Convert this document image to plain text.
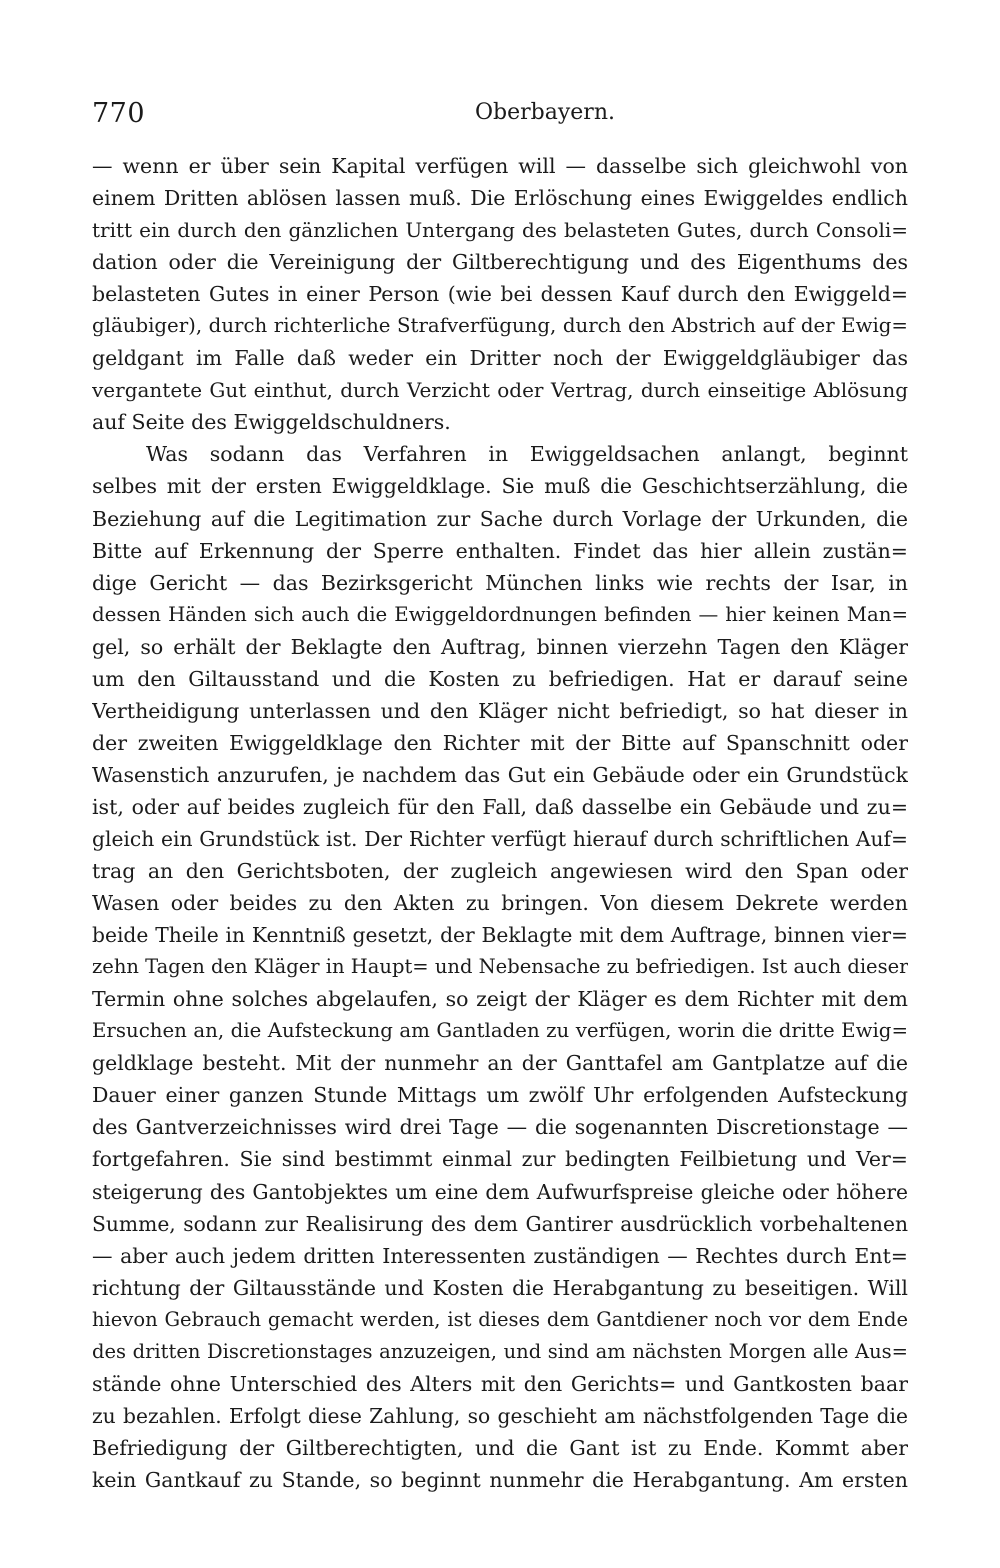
770	Oberbayern.
— wenn er über sein Kapital verfügen will — dasselbe sich gleichwohl von
einem Dritten ablösen lassen muß. Die Erlöschung eines Ewiggeldes endlich
tritt ein durch den gänzlichen Untergang des belasteten Gutes, durch Consoli=
dation oder die Vereinigung der Giltberechtigung und des Eigenthums des
belasteten Gutes in einer Person (wie bei dessen Kauf durch den Ewiggeld=
gläubiger), durch richterliche Strafverfügung, durch den Abstrich auf der Ewig=
geldgant im Falle daß weder ein Dritter noch der Ewiggeldgläubiger das
vergantete Gut einthut, durch Verzicht oder Vertrag, durch einseitige Ablösung
auf Seite des Ewiggeldschuldners.
Was sodann das Verfahren in Ewiggeldsachen anlangt, beginnt
selbes mit der ersten Ewiggeldklage. Sie muß die Geschichtserzählung, die
Beziehung auf die Legitimation zur Sache durch Vorlage der Urkunden, die
Bitte auf Erkennung der Sperre enthalten. Findet das hier allein zustän=
dige Gericht — das Bezirksgericht München links wie rechts der Isar, in
dessen Händen sich auch die Ewiggeldordnungen befinden — hier keinen Man=
gel, so erhält der Beklagte den Auftrag, binnen vierzehn Tagen den Kläger
um den Giltausstand und die Kosten zu befriedigen. Hat er darauf seine
Vertheidigung unterlassen und den Kläger nicht befriedigt, so hat dieser in
der zweiten Ewiggeldklage den Richter mit der Bitte auf Spanschnitt oder
Wasenstich anzurufen, je nachdem das Gut ein Gebäude oder ein Grundstück
ist, oder auf beides zugleich für den Fall, daß dasselbe ein Gebäude und zu=
gleich ein Grundstück ist. Der Richter verfügt hierauf durch schriftlichen Auf=
trag an den Gerichtsboten, der zugleich angewiesen wird den Span oder
Wasen oder beides zu den Akten zu bringen. Von diesem Dekrete werden
beide Theile in Kenntniß gesetzt, der Beklagte mit dem Auftrage, binnen vier=
zehn Tagen den Kläger in Haupt= und Nebensache zu befriedigen. Ist auch dieser
Termin ohne solches abgelaufen, so zeigt der Kläger es dem Richter mit dem
Ersuchen an, die Aufsteckung am Gantladen zu verfügen, worin die dritte Ewig=
geldklage besteht. Mit der nunmehr an der Ganttafel am Gantplatze auf die
Dauer einer ganzen Stunde Mittags um zwölf Uhr erfolgenden Aufsteckung
des Gantverzeichnisses wird drei Tage — die sogenannten Discretionstage —
fortgefahren. Sie sind bestimmt einmal zur bedingten Feilbietung und Ver=
steigerung des Gantobjektes um eine dem Aufwurfspreise gleiche oder höhere
Summe, sodann zur Realisirung des dem Gantirer ausdrücklich vorbehaltenen
— aber auch jedem dritten Interessenten zuständigen — Rechtes durch Ent=
richtung der Giltausstände und Kosten die Herabgantung zu beseitigen. Will
hievon Gebrauch gemacht werden, ist dieses dem Gantdiener noch vor dem Ende
des dritten Discretionstages anzuzeigen, und sind am nächsten Morgen alle Aus=
stände ohne Unterschied des Alters mit den Gerichts= und Gantkosten baar
zu bezahlen. Erfolgt diese Zahlung, so geschieht am nächstfolgenden Tage die
Befriedigung der Giltberechtigten, und die Gant ist zu Ende. Kommt aber
kein Gantkauf zu Stande, so beginnt nunmehr die Herabgantung. Am ersten
